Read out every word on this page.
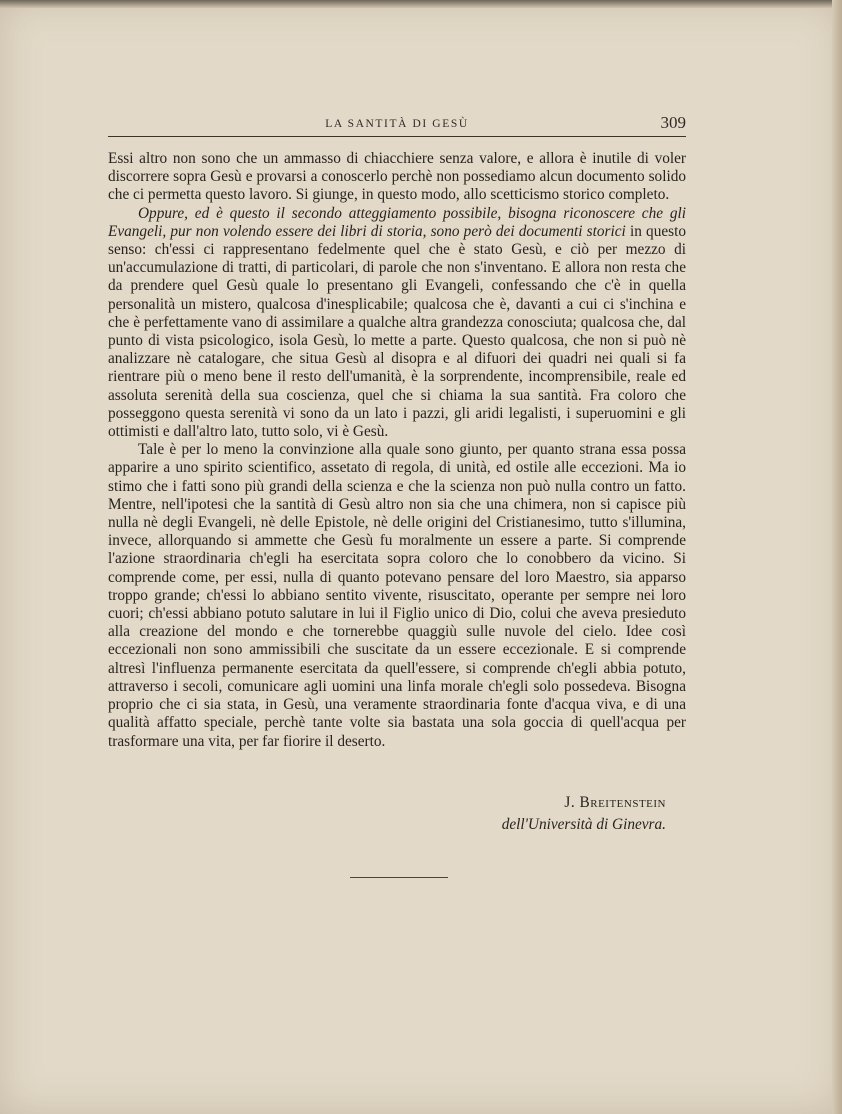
LA SANTITÀ DI GESÙ	309

Essi altro non sono che un ammasso di chiacchiere senza valore, e allora è inutile di voler discorrere sopra Gesù e provarsi a conoscerlo perchè non possediamo alcun documento solido che ci permetta questo lavoro. Si giunge, in questo modo, allo scetticismo storico completo.

Oppure, ed è questo il secondo atteggiamento possibile, bisogna riconoscere che gli Evangeli, pur non volendo essere dei libri di storia, sono però dei documenti storici in questo senso: ch'essi ci rappresentano fedelmente quel che è stato Gesù, e ciò per mezzo di un'accumulazione di tratti, di particolari, di parole che non s'inventano. E allora non resta che da prendere quel Gesù quale lo presentano gli Evangeli, confessando che c'è in quella personalità un mistero, qualcosa d'inesplicabile; qualcosa che è, davanti a cui ci s'inchina e che è perfettamente vano di assimilare a qualche altra grandezza conosciuta; qualcosa che, dal punto di vista psicologico, isola Gesù, lo mette a parte. Questo qualcosa, che non si può nè analizzare nè catalogare, che situa Gesù al disopra e al difuori dei quadri nei quali si fa rientrare più o meno bene il resto dell'umanità, è la sorprendente, incomprensibile, reale ed assoluta serenità della sua coscienza, quel che si chiama la sua santità. Fra coloro che posseggono questa serenità vi sono da un lato i pazzi, gli aridi legalisti, i superuomini e gli ottimisti e dall'altro lato, tutto solo, vi è Gesù.

Tale è per lo meno la convinzione alla quale sono giunto, per quanto strana essa possa apparire a uno spirito scientifico, assetato di regola, di unità, ed ostile alle eccezioni. Ma io stimo che i fatti sono più grandi della scienza e che la scienza non può nulla contro un fatto. Mentre, nell'ipotesi che la santità di Gesù altro non sia che una chimera, non si capisce più nulla nè degli Evangeli, nè delle Epistole, nè delle origini del Cristianesimo, tutto s'illumina, invece, allorquando si ammette che Gesù fu moralmente un essere a parte. Si comprende l'azione straordinaria ch'egli ha esercitata sopra coloro che lo conobbero da vicino. Si comprende come, per essi, nulla di quanto potevano pensare del loro Maestro, sia apparso troppo grande; ch'essi lo abbiano sentito vivente, risuscitato, operante per sempre nei loro cuori; ch'essi abbiano potuto salutare in lui il Figlio unico di Dio, colui che aveva presieduto alla creazione del mondo e che tornerebbe quaggiù sulle nuvole del cielo. Idee così eccezionali non sono ammissibili che suscitate da un essere eccezionale. E si comprende altresì l'influenza permanente esercitata da quell'essere, si comprende ch'egli abbia potuto, attraverso i secoli, comunicare agli uomini una linfa morale ch'egli solo possedeva. Bisogna proprio che ci sia stata, in Gesù, una veramente straordinaria fonte d'acqua viva, e di una qualità affatto speciale, perchè tante volte sia bastata una sola goccia di quell'acqua per trasformare una vita, per far fiorire il deserto.

J. Breitenstein
dell'Università di Ginevra.
